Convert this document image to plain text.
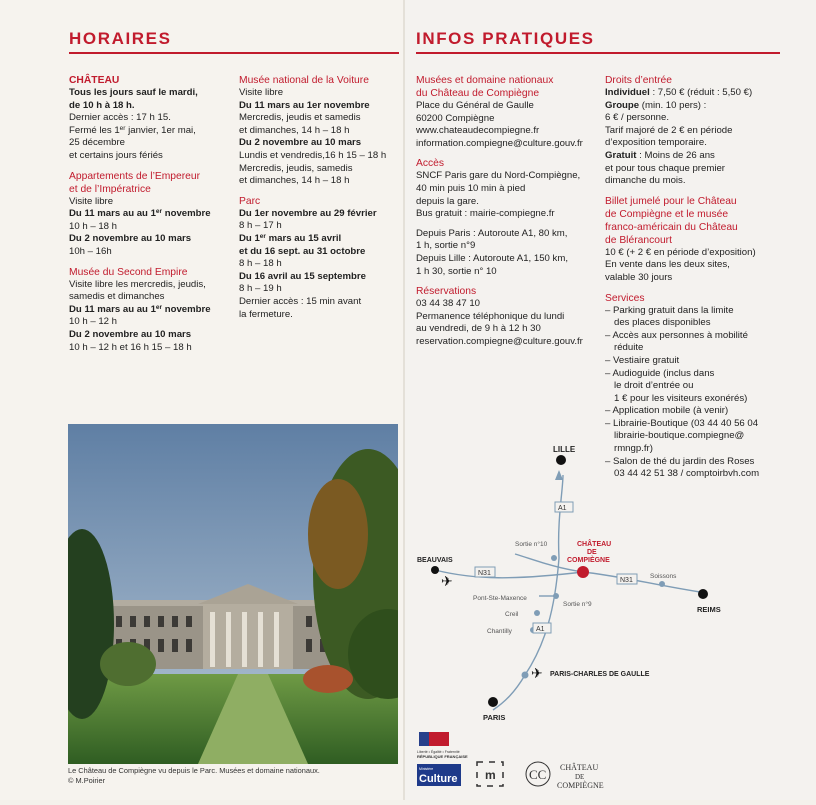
HORAIRES
CHÂTEAU
Tous les jours sauf le mardi,
de 10 h à 18 h.
Dernier accès : 17 h 15.
Fermé les 1er janvier, 1er mai,
25 décembre
et certains jours fériés
Appartements de l’Empereur
et de l’Impératrice
Visite libre
Du 11 mars au au 1er novembre
10 h – 18 h
Du 2 novembre au 10 mars
10h – 16h
Musée du Second Empire
Visite libre les mercredis, jeudis,
samedis et dimanches
Du 11 mars au au 1er novembre
10 h – 12 h
Du 2 novembre au 10 mars
10 h – 12 h et 16 h 15 – 18 h
Musée national de la Voiture
Visite libre
Du 11 mars au 1er novembre
Mercredis, jeudis et samedis
et dimanches, 14 h – 18 h
Du 2 novembre au 10 mars
Lundis et vendredis,16 h 15 – 18 h
Mercredis, jeudis, samedis
et dimanches, 14 h – 18 h
Parc
Du 1er novembre au 29 février
8 h – 17 h
Du 1er mars au 15 avril
et du 16 sept. au 31 octobre
8 h – 18 h
Du 16 avril au 15 septembre
8 h – 19 h
Dernier accès : 15 min avant
la fermeture.
Le Château de Compiègne vu depuis le Parc. Musées et domaine nationaux.
© M.Poirier
INFOS PRATIQUES
Musées et domaine nationaux
du Château de Compiègne
Place du Général de Gaulle
60200 Compiègne
www.chateaudecompiegne.fr
information.compiegne@culture.gouv.fr
Accès
SNCF Paris gare du Nord-Compiègne,
40 min puis 10 min à pied
depuis la gare.
Bus gratuit : mairie-compiegne.fr
Depuis Paris : Autoroute A1, 80 km,
1 h, sortie n°9
Depuis Lille : Autoroute A1, 150 km,
1 h 30, sortie n° 10
Réservations
03 44 38 47 10
Permanence téléphonique du lundi
au vendredi, de 9 h à 12 h 30
reservation.compiegne@culture.gouv.fr
Droits d’entrée
Individuel : 7,50 € (réduit : 5,50 €)
Groupe (min. 10 pers) :
6 € / personne.
Tarif majoré de 2 € en période
d’exposition temporaire.
Gratuit : Moins de 26 ans
et pour tous chaque premier
dimanche du mois.
Billet jumelé pour le Château
de Compiègne et le musée
franco-américain du Château
de Blérancourt
10 € (+ 2 € en période d’exposition)
En vente dans les deux sites,
valable 30 jours
Services
– Parking gratuit dans la limite
des places disponibles
– Accès aux personnes à mobilité
réduite
– Vestiaire gratuit
– Audioguide (inclus dans
le droit d’entrée ou
1 € pour les visiteurs exonérés)
– Application mobile (à venir)
– Librairie-Boutique (03 44 40 56 04
librairie-boutique.compiegne@
rmngp.fr)
– Salon de thé du jardin des Roses
03 44 42 51 38 / comptoirbvh.com
LILLE
A1
Sortie n°10	CHÂTEAU
DE
COMPIÈGNE
BEAUVAIS
✈	N31
N31
Soissons
REIMS
Pont-Ste-Maxence
Sortie n°9
Creil
Chantilly	A1
✈ PARIS-CHARLES DE GAULLE
PARIS
Liberté • Égalité • Fraternité
RÉPUBLIQUE FRANÇAISE
Ministère
Culture m	CC CHÂTEAU
DE
COMPIÈGNE
